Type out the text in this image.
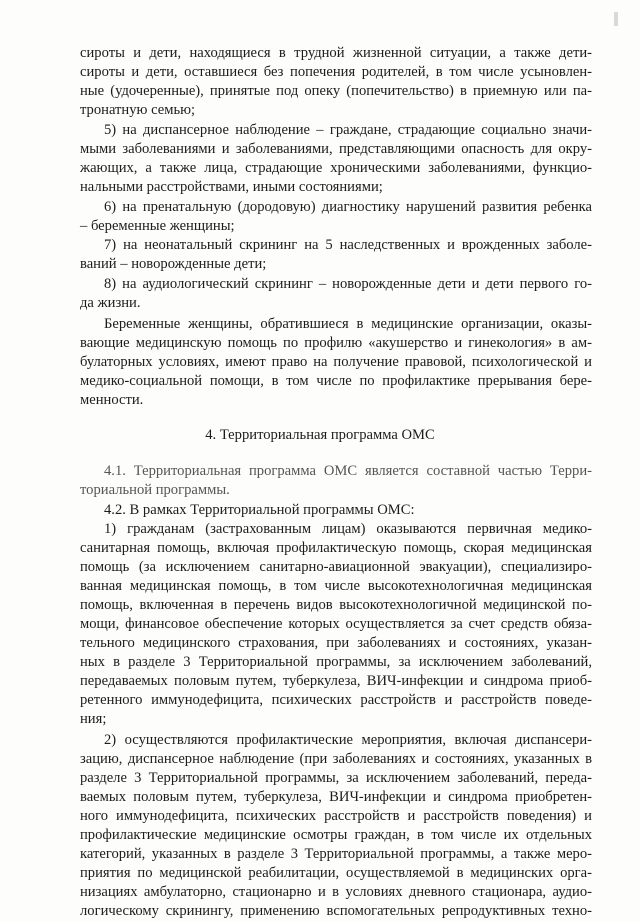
сироты и дети, находящиеся в трудной жизненной ситуации, а также дети-
сироты и дети, оставшиеся без попечения родителей, в том числе усыновлен-
ные (удочеренные), принятые под опеку (попечительство) в приемную или па-
тронатную семью;
5) на диспансерное наблюдение – граждане, страдающие социально значи-
мыми заболеваниями и заболеваниями, представляющими опасность для окру-
жающих, а также лица, страдающие хроническими заболеваниями, функцио-
нальными расстройствами, иными состояниями;
6) на пренатальную (дородовую) диагностику нарушений развития ребенка
– беременные женщины;
7) на неонатальный скрининг на 5 наследственных и врожденных заболе-
ваний – новорожденные дети;
8) на аудиологический скрининг – новорожденные дети и дети первого го-
да жизни.
Беременные женщины, обратившиеся в медицинские организации, оказы-
вающие медицинскую помощь по профилю «акушерство и гинекология» в ам-
булаторных условиях, имеют право на получение правовой, психологической и
медико-социальной помощи, в том числе по профилактике прерывания бере-
менности.
4. Территориальная программа ОМС
4.1. Территориальная программа ОМС является составной частью Терри-
ториальной программы.
4.2. В рамках Территориальной программы ОМС:
1) гражданам (застрахованным лицам) оказываются первичная медико-
санитарная помощь, включая профилактическую помощь, скорая медицинская
помощь (за исключением санитарно-авиационной эвакуации), специализиро-
ванная медицинская помощь, в том числе высокотехнологичная медицинская
помощь, включенная в перечень видов высокотехнологичной медицинской по-
мощи, финансовое обеспечение которых осуществляется за счет средств обяза-
тельного медицинского страхования, при заболеваниях и состояниях, указан-
ных в разделе 3 Территориальной программы, за исключением заболеваний,
передаваемых половым путем, туберкулеза, ВИЧ-инфекции и синдрома приоб-
ретенного иммунодефицита, психических расстройств и расстройств поведе-
ния;
2) осуществляются профилактические мероприятия, включая диспансери-
зацию, диспансерное наблюдение (при заболеваниях и состояниях, указанных в
разделе 3 Территориальной программы, за исключением заболеваний, переда-
ваемых половым путем, туберкулеза, ВИЧ-инфекции и синдрома приобретен-
ного иммунодефицита, психических расстройств и расстройств поведения) и
профилактические медицинские осмотры граждан, в том числе их отдельных
категорий, указанных в разделе 3 Территориальной программы, а также меро-
приятия по медицинской реабилитации, осуществляемой в медицинских орга-
низациях амбулаторно, стационарно и в условиях дневного стационара, аудио-
логическому скринингу, применению вспомогательных репродуктивных техно-
